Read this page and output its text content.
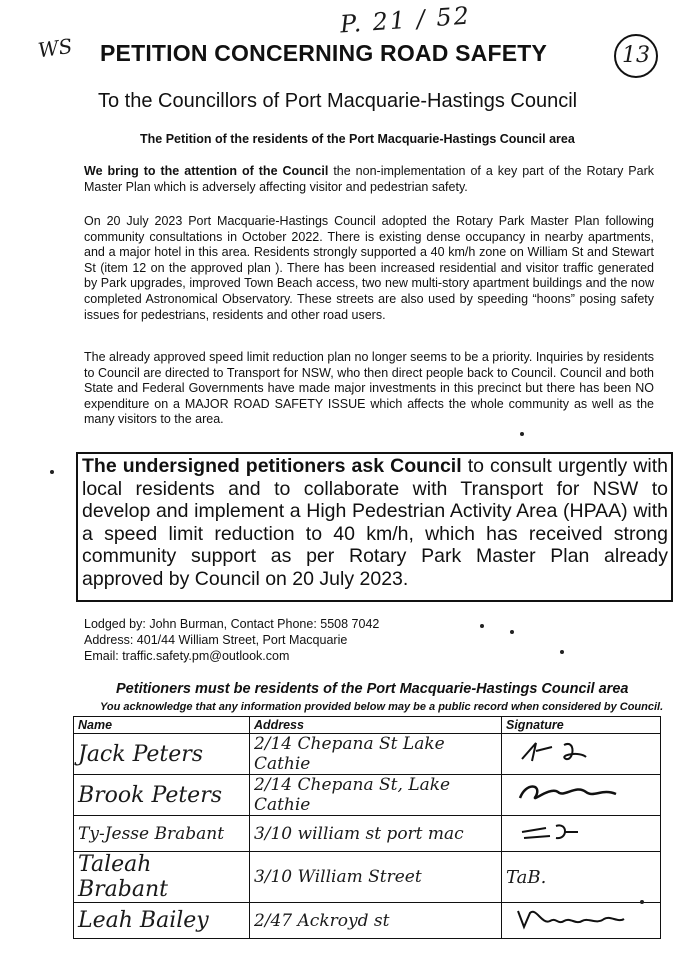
WS
P. 21 / 52
PETITION CONCERNING ROAD SAFETY	13
To the Councillors of Port Macquarie-Hastings Council
The Petition of the residents of the Port Macquarie-Hastings Council area
We bring to the attention of the Council the non-implementation of a key part of the Rotary Park Master Plan which is adversely affecting visitor and pedestrian safety.
On 20 July 2023 Port Macquarie-Hastings Council adopted the Rotary Park Master Plan following community consultations in October 2022. There is existing dense occupancy in nearby apartments, and a major hotel in this area. Residents strongly supported a 40 km/h zone on William St and Stewart St (item 12 on the approved plan ). There has been increased residential and visitor traffic generated by Park upgrades, improved Town Beach access, two new multi-story apartment buildings and the now completed Astronomical Observatory. These streets are also used by speeding “hoons” posing safety issues for pedestrians, residents and other road users.
The already approved speed limit reduction plan no longer seems to be a priority. Inquiries by residents to Council are directed to Transport for NSW, who then direct people back to Council. Council and both State and Federal Governments have made major investments in this precinct but there has been NO expenditure on a MAJOR ROAD SAFETY ISSUE which affects the whole community as well as the many visitors to the area.
The undersigned petitioners ask Council to consult urgently with local residents and to collaborate with Transport for NSW to develop and implement a High Pedestrian Activity Area (HPAA) with a speed limit reduction to 40 km/h, which has received strong community support as per Rotary Park Master Plan already approved by Council on 20 July 2023.
Lodged by: John Burman, Contact Phone: 5508 7042
Address: 401/44 William Street, Port Macquarie
Email: traffic.safety.pm@outlook.com
Petitioners must be residents of the Port Macquarie-Hastings Council area
You acknowledge that any information provided below may be a public record when considered by Council.
Name	Address	Signature
Jack Peters	2/14 Chepana St Lake Cathie	
Brook Peters	2/14 Chepana St, Lake Cathie	
Ty-Jesse Brabant	3/10 william st port mac	
Taleah Brabant	3/10 William Street	TaB.
Leah Bailey	2/47 Ackroyd st	
